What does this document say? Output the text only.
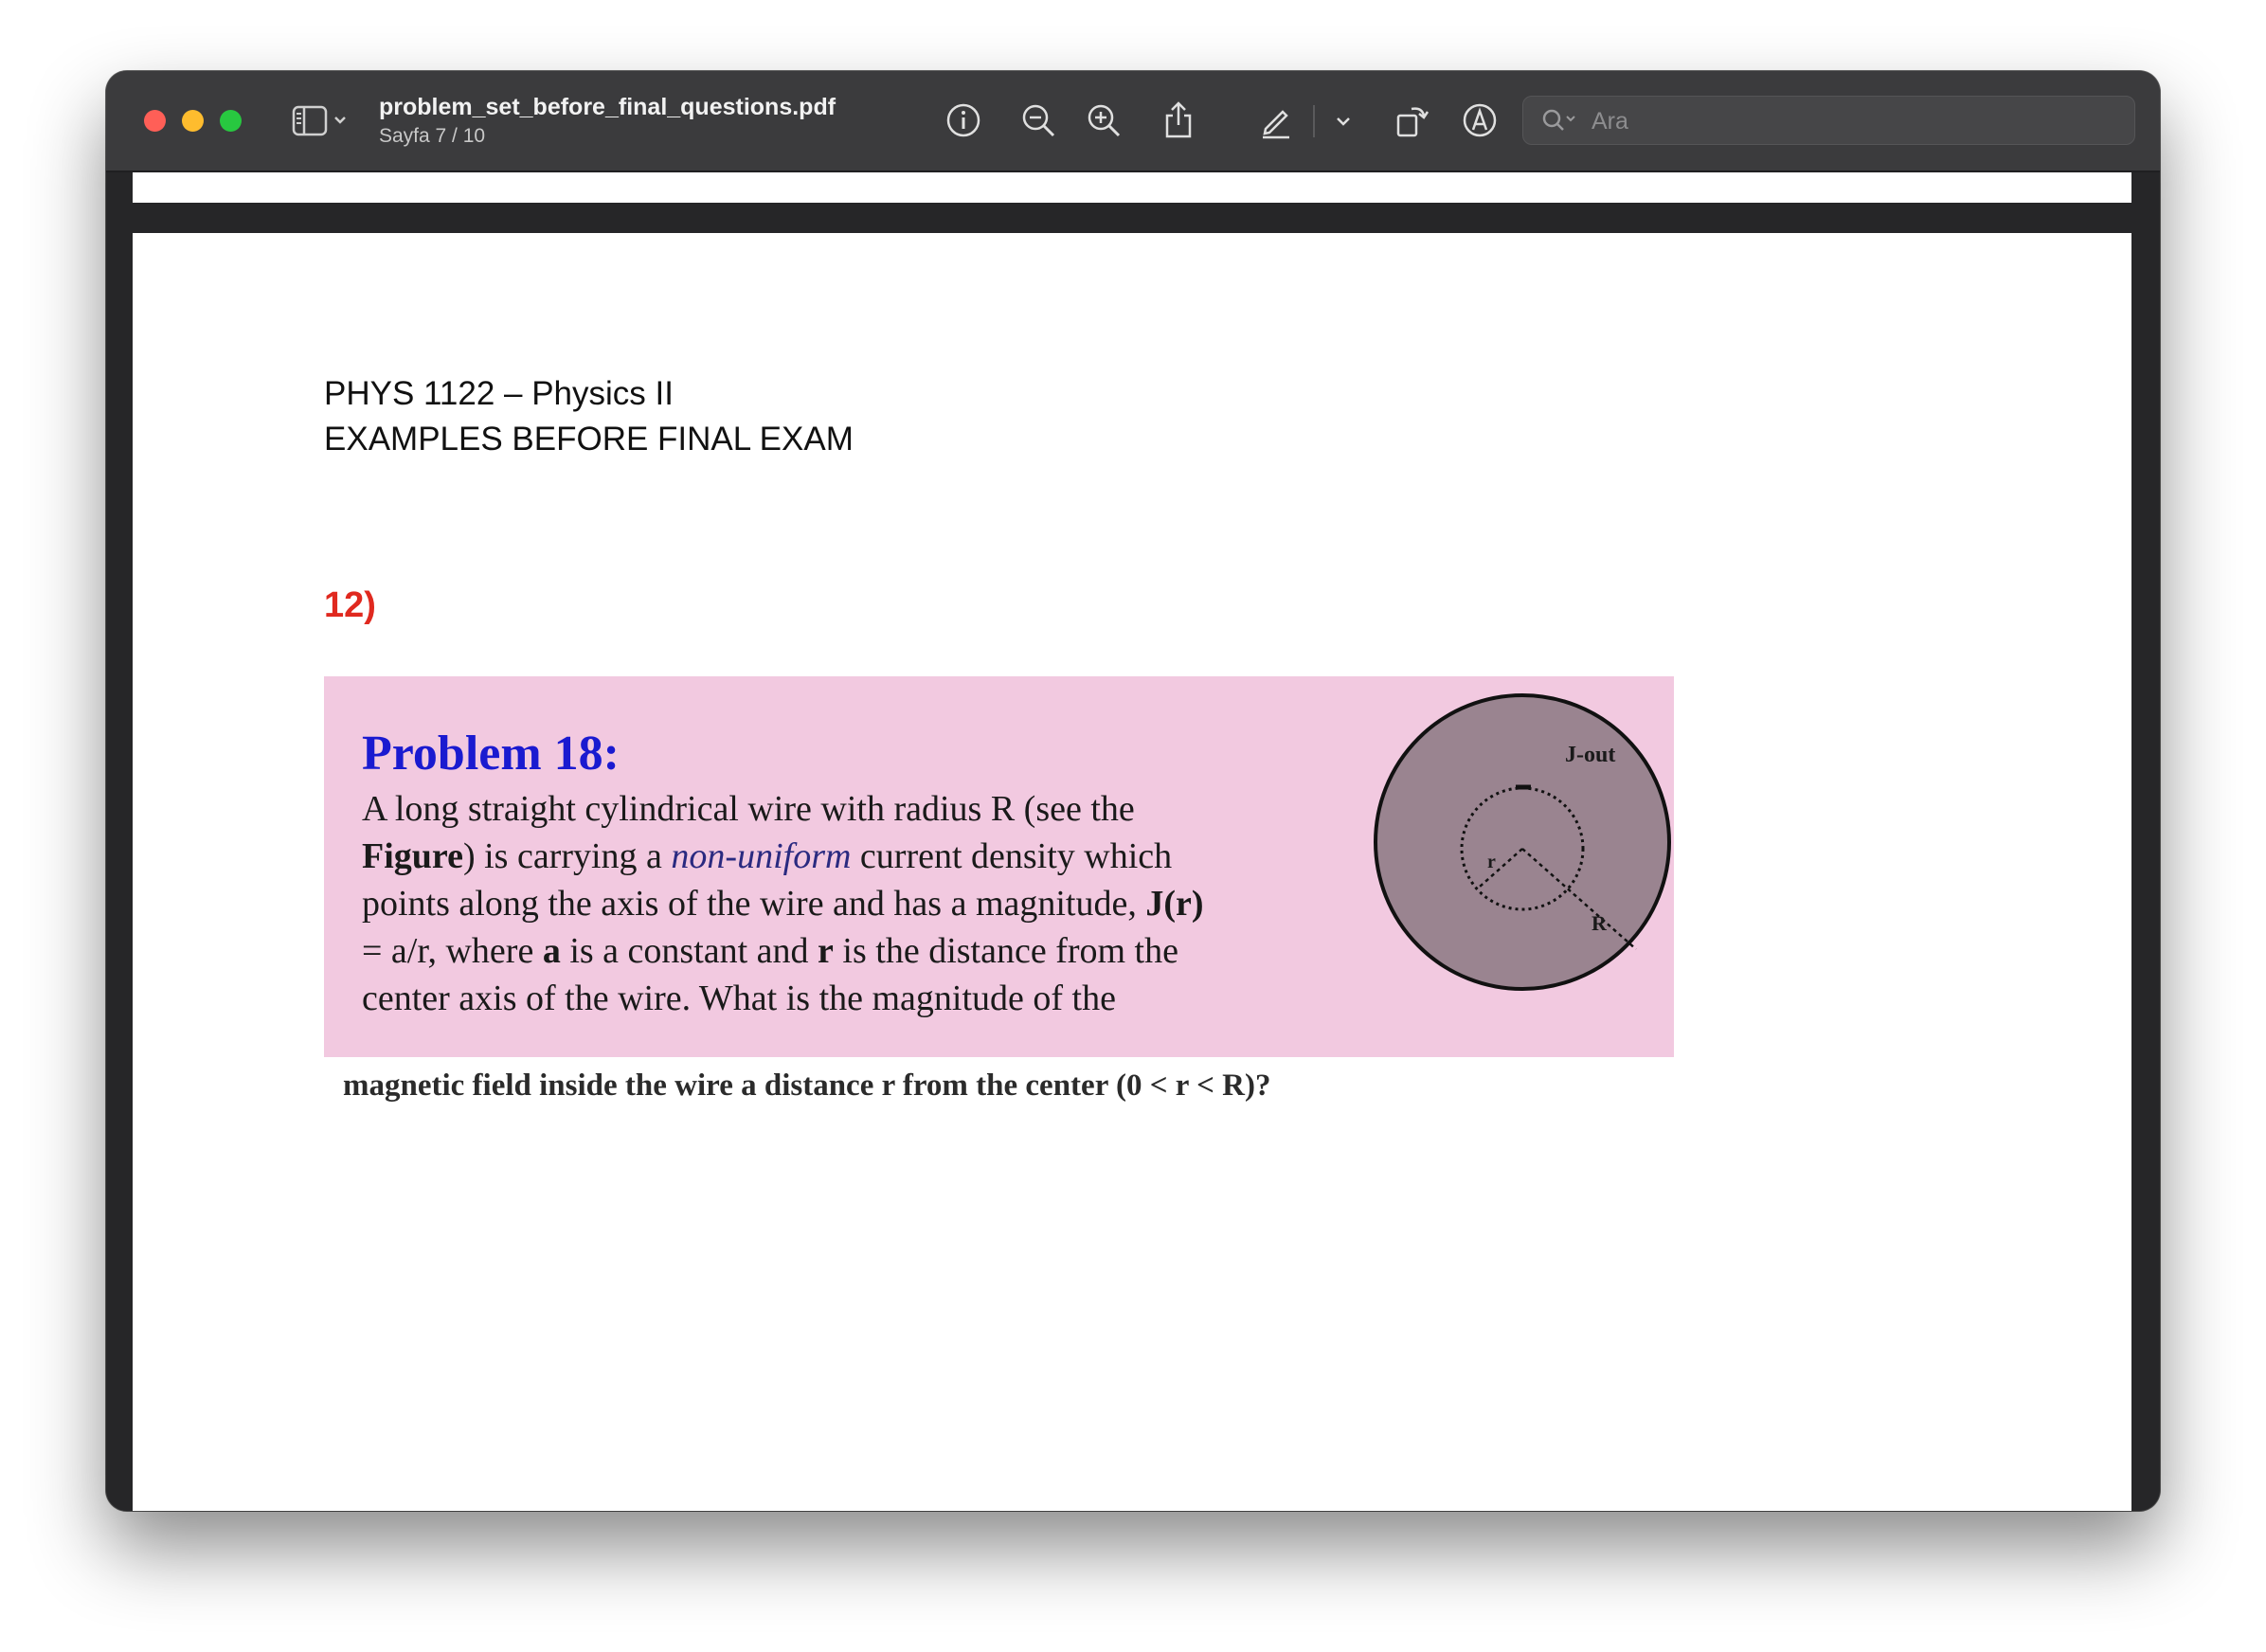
problem_set_before_final_questions.pdf
Sayfa 7 / 10
Ara
PHYS 1122 – Physics II
EXAMPLES BEFORE FINAL EXAM
12)
Problem 18:
A long straight cylindrical wire with radius R (see the
Figure) is carrying a non-uniform current density which
points along the axis of the wire and has a magnitude, J(r)
= a/r, where a is a constant and r is the distance from the
center axis of the wire. What is the magnitude of the
J-out
r
R
magnetic field inside the wire a distance r from the center (0 < r < R)?
